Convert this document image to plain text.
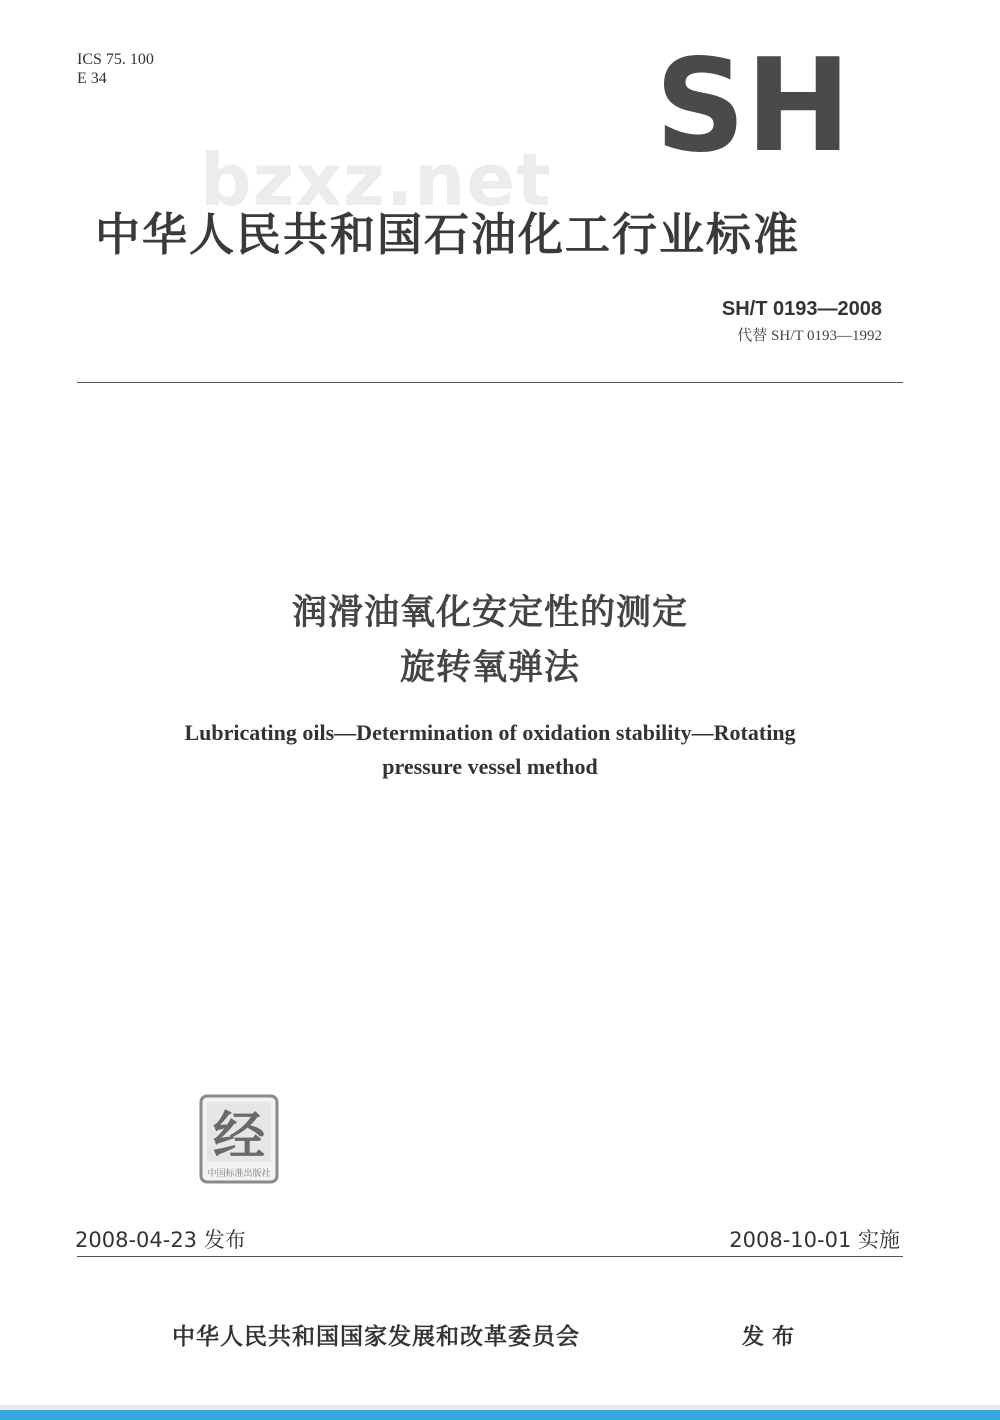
ICS 75. 100
E 34	SH
bzxz.net
中华人民共和国石油化工行业标准
SH/T 0193—2008
代替 SH/T 0193—1992
润滑油氧化安定性的测定
旋转氧弹法
Lubricating oils—Determination of oxidation stability—Rotating
pressure vessel method
经
中国标准出版社
2008-04-23 发布	2008-10-01 实施
中华人民共和国国家发展和改革委员会	发布
